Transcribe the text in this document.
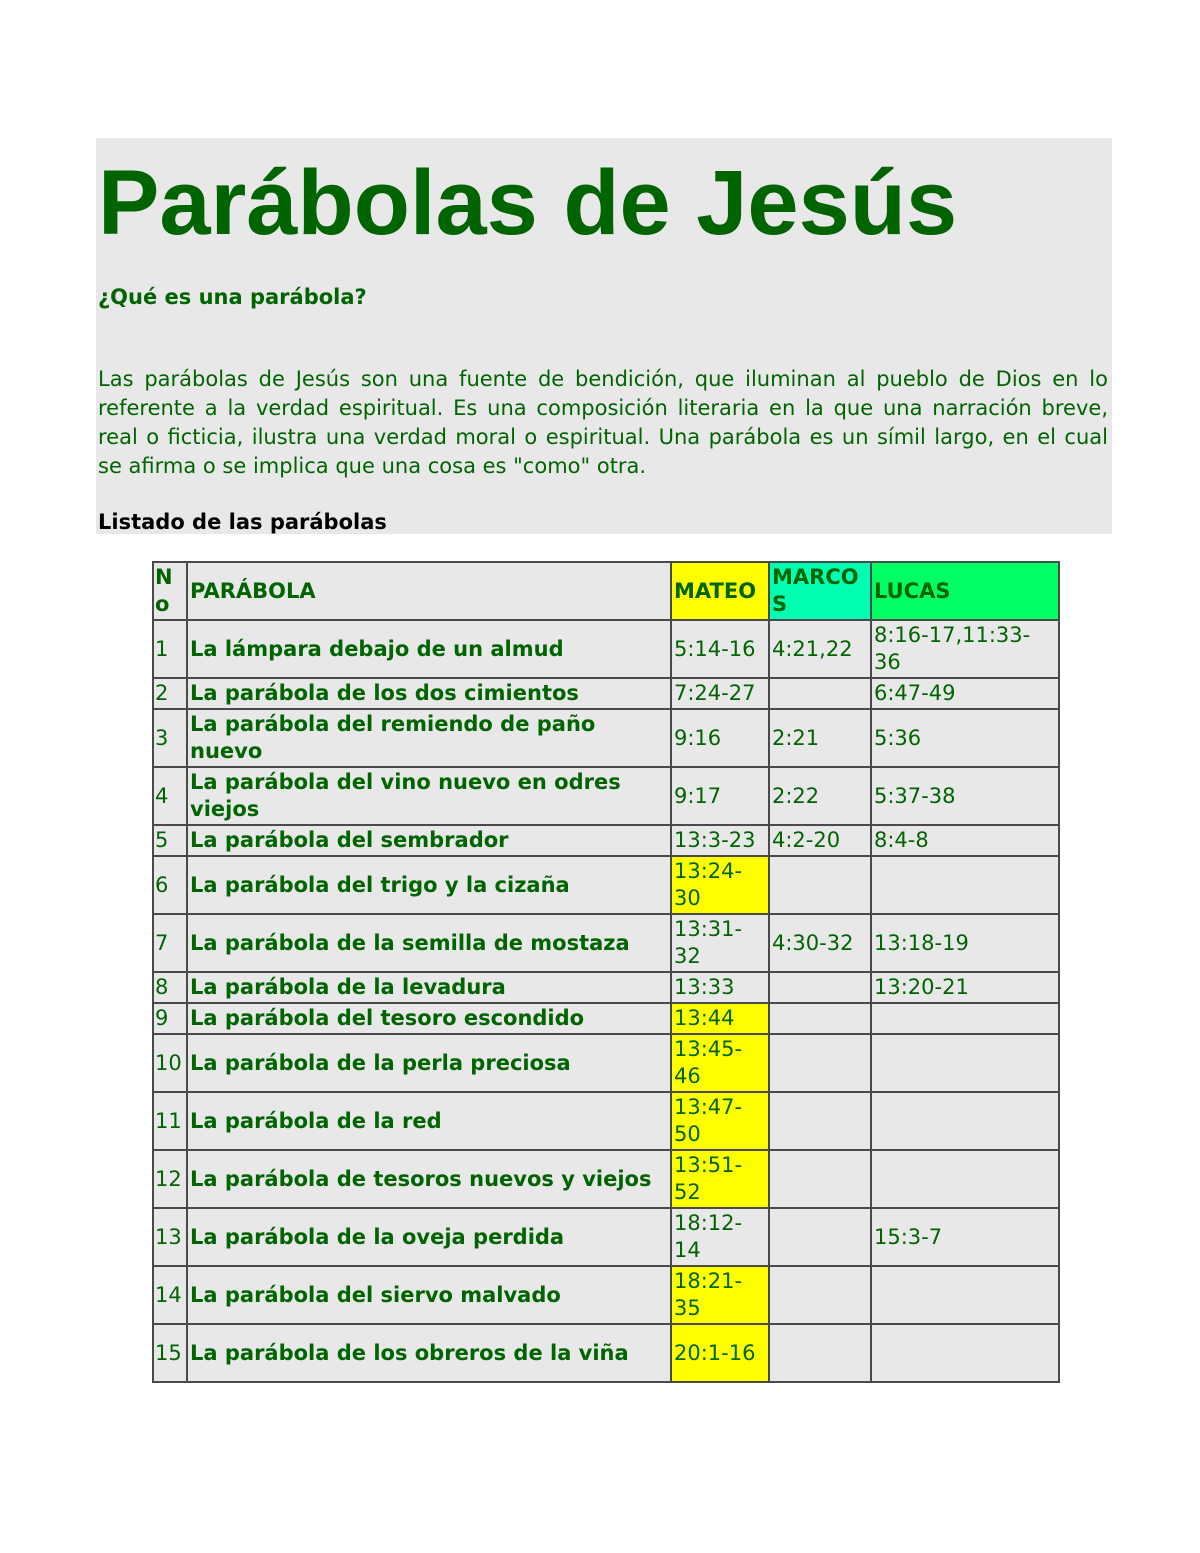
Parábolas de Jesús
¿Qué es una parábola?

Las parábolas de Jesús son una fuente de bendición, que iluminan al pueblo de Dios en lo referente a la verdad espiritual. Es una composición literaria en la que una narración breve, real o ficticia, ilustra una verdad moral o espiritual. Una parábola es un símil largo, en el cual se afirma o se implica que una cosa es "como" otra.

Listado de las parábolas
No	PARÁBOLA	MATEO	MARCOS	LUCAS
1	La lámpara debajo de un almud	5:14-16	4:21,22	8:16-17,11:33-36
2	La parábola de los dos cimientos	7:24-27		6:47-49
3	La parábola del remiendo de paño nuevo	9:16	2:21	5:36
4	La parábola del vino nuevo en odres viejos	9:17	2:22	5:37-38
5	La parábola del sembrador	13:3-23	4:2-20	8:4-8
6	La parábola del trigo y la cizaña	13:24-30		
7	La parábola de la semilla de mostaza	13:31-32	4:30-32	13:18-19
8	La parábola de la levadura	13:33		13:20-21
9	La parábola del tesoro escondido	13:44		
10	La parábola de la perla preciosa	13:45-46		
11	La parábola de la red	13:47-50		
12	La parábola de tesoros nuevos y viejos	13:51-52		
13	La parábola de la oveja perdida	18:12-14		15:3-7
14	La parábola del siervo malvado	18:21-35		
15	La parábola de los obreros de la viña	20:1-16		
